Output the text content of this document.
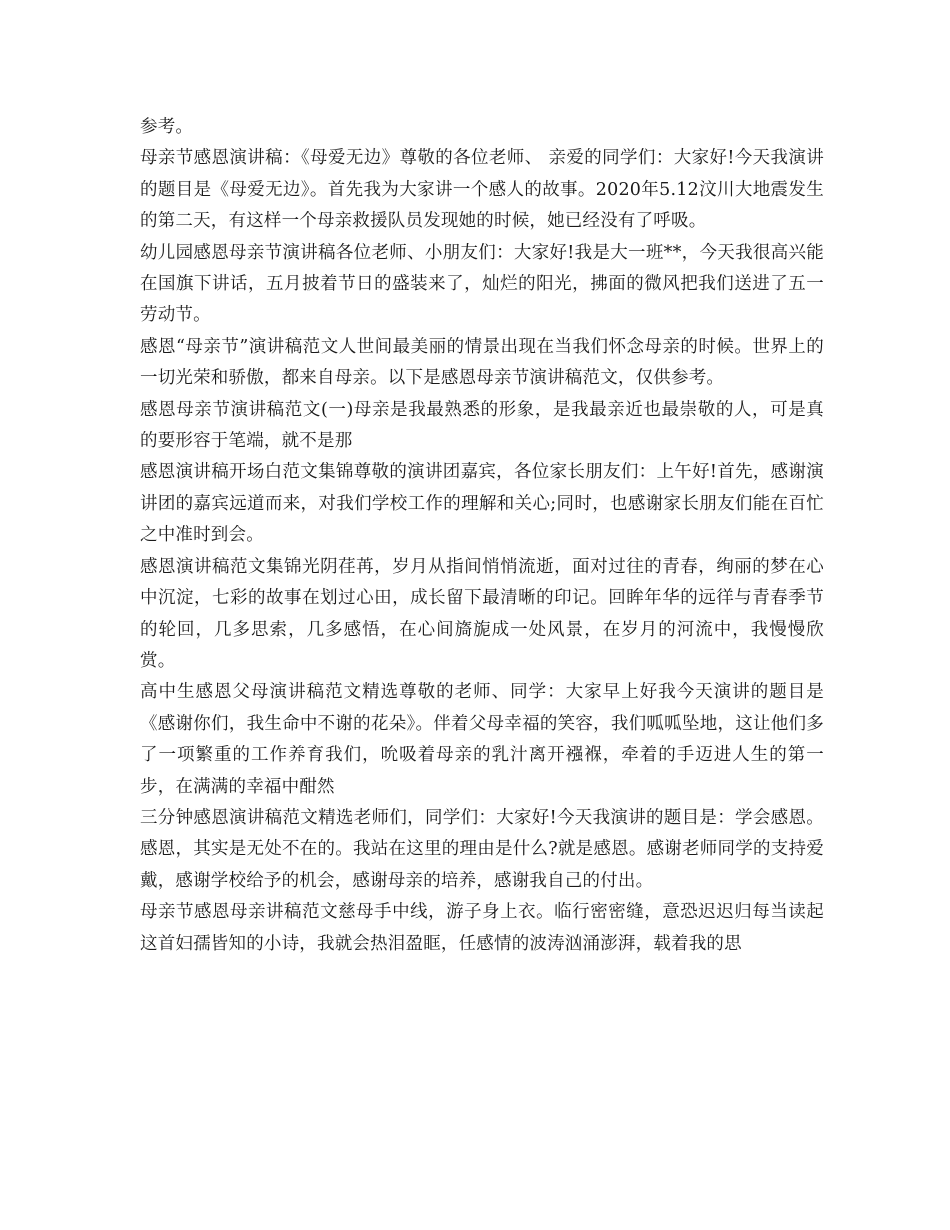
参考。

母亲节感恩演讲稿：《母爱无边》尊敬的各位老师、 亲爱的同学们：大家好!今天我演讲的题目是《母爱无边》。首先我为大家讲一个感人的故事。2020年5.12汶川大地震发生的第二天，有这样一个母亲救援队员发现她的时候，她已经没有了呼吸。

幼儿园感恩母亲节演讲稿各位老师、小朋友们：大家好!我是大一班**，今天我很高兴能在国旗下讲话，五月披着节日的盛装来了，灿烂的阳光，拂面的微风把我们送进了五一劳动节。

感恩“母亲节”演讲稿范文人世间最美丽的情景出现在当我们怀念母亲的时候。世界上的一切光荣和骄傲，都来自母亲。以下是感恩母亲节演讲稿范文，仅供参考。

感恩母亲节演讲稿范文(一)母亲是我最熟悉的形象，是我最亲近也最崇敬的人，可是真的要形容于笔端，就不是那

感恩演讲稿开场白范文集锦尊敬的演讲团嘉宾，各位家长朋友们：上午好!首先，感谢演讲团的嘉宾远道而来，对我们学校工作的理解和关心;同时，也感谢家长朋友们能在百忙之中准时到会。

感恩演讲稿范文集锦光阴荏苒，岁月从指间悄悄流逝，面对过往的青春，绚丽的梦在心中沉淀，七彩的故事在划过心田，成长留下最清晰的印记。回眸年华的远徉与青春季节的轮回，几多思索，几多感悟，在心间旖旎成一处风景，在岁月的河流中，我慢慢欣赏。

高中生感恩父母演讲稿范文精选尊敬的老师、同学：大家早上好我今天演讲的题目是《感谢你们，我生命中不谢的花朵》。伴着父母幸福的笑容，我们呱呱坠地，这让他们多了一项繁重的工作养育我们，吮吸着母亲的乳汁离开襁褓，牵着的手迈进人生的第一步，在满满的幸福中酣然

三分钟感恩演讲稿范文精选老师们，同学们：大家好!今天我演讲的题目是：学会感恩。感恩，其实是无处不在的。我站在这里的理由是什么?就是感恩。感谢老师同学的支持爱戴，感谢学校给予的机会，感谢母亲的培养，感谢我自己的付出。

母亲节感恩母亲讲稿范文慈母手中线，游子身上衣。临行密密缝，意恐迟迟归每当读起这首妇孺皆知的小诗，我就会热泪盈眶，任感情的波涛汹涌澎湃，载着我的思
